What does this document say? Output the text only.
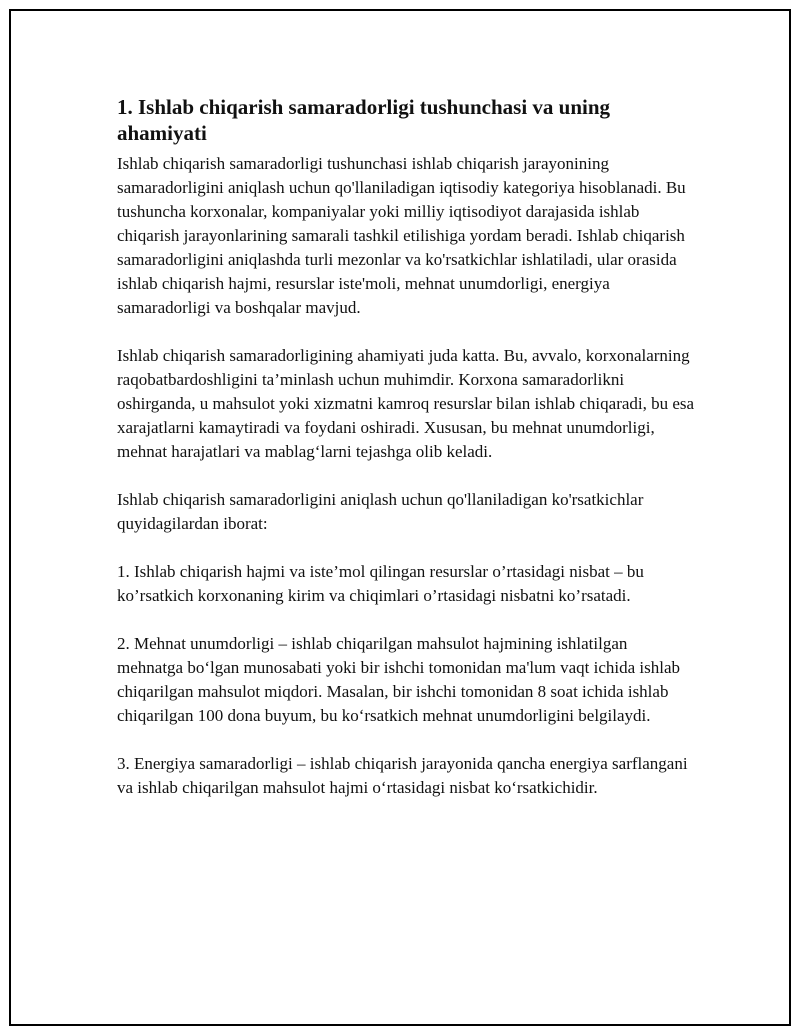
1. Ishlab chiqarish samaradorligi tushunchasi va uning ahamiyati

Ishlab chiqarish samaradorligi tushunchasi ishlab chiqarish jarayonining samaradorligini aniqlash uchun qo'llaniladigan iqtisodiy kategoriya hisoblanadi. Bu tushuncha korxonalar, kompaniyalar yoki milliy iqtisodiyot darajasida ishlab chiqarish jarayonlarining samarali tashkil etilishiga yordam beradi. Ishlab chiqarish samaradorligini aniqlashda turli mezonlar va ko'rsatkichlar ishlatiladi, ular orasida ishlab chiqarish hajmi, resurslar iste'moli, mehnat unumdorligi, energiya samaradorligi va boshqalar mavjud.

Ishlab chiqarish samaradorligining ahamiyati juda katta. Bu, avvalo, korxonalarning raqobatbardoshligini ta’minlash uchun muhimdir. Korxona samaradorlikni oshirganda, u mahsulot yoki xizmatni kamroq resurslar bilan ishlab chiqaradi, bu esa xarajatlarni kamaytiradi va foydani oshiradi. Xususan, bu mehnat unumdorligi, mehnat harajatlari va mablag‘larni tejashga olib keladi.

Ishlab chiqarish samaradorligini aniqlash uchun qo'llaniladigan ko'rsatkichlar quyidagilardan iborat:

1. Ishlab chiqarish hajmi va iste’mol qilingan resurslar o’rtasidagi nisbat – bu ko’rsatkich korxonaning kirim va chiqimlari o’rtasidagi nisbatni ko’rsatadi.

2. Mehnat unumdorligi – ishlab chiqarilgan mahsulot hajmining ishlatilgan mehnatga bo‘lgan munosabati yoki bir ishchi tomonidan ma'lum vaqt ichida ishlab chiqarilgan mahsulot miqdori. Masalan, bir ishchi tomonidan 8 soat ichida ishlab chiqarilgan 100 dona buyum, bu ko‘rsatkich mehnat unumdorligini belgilaydi.

3. Energiya samaradorligi – ishlab chiqarish jarayonida qancha energiya sarflangani va ishlab chiqarilgan mahsulot hajmi o‘rtasidagi nisbat ko‘rsatkichidir.
